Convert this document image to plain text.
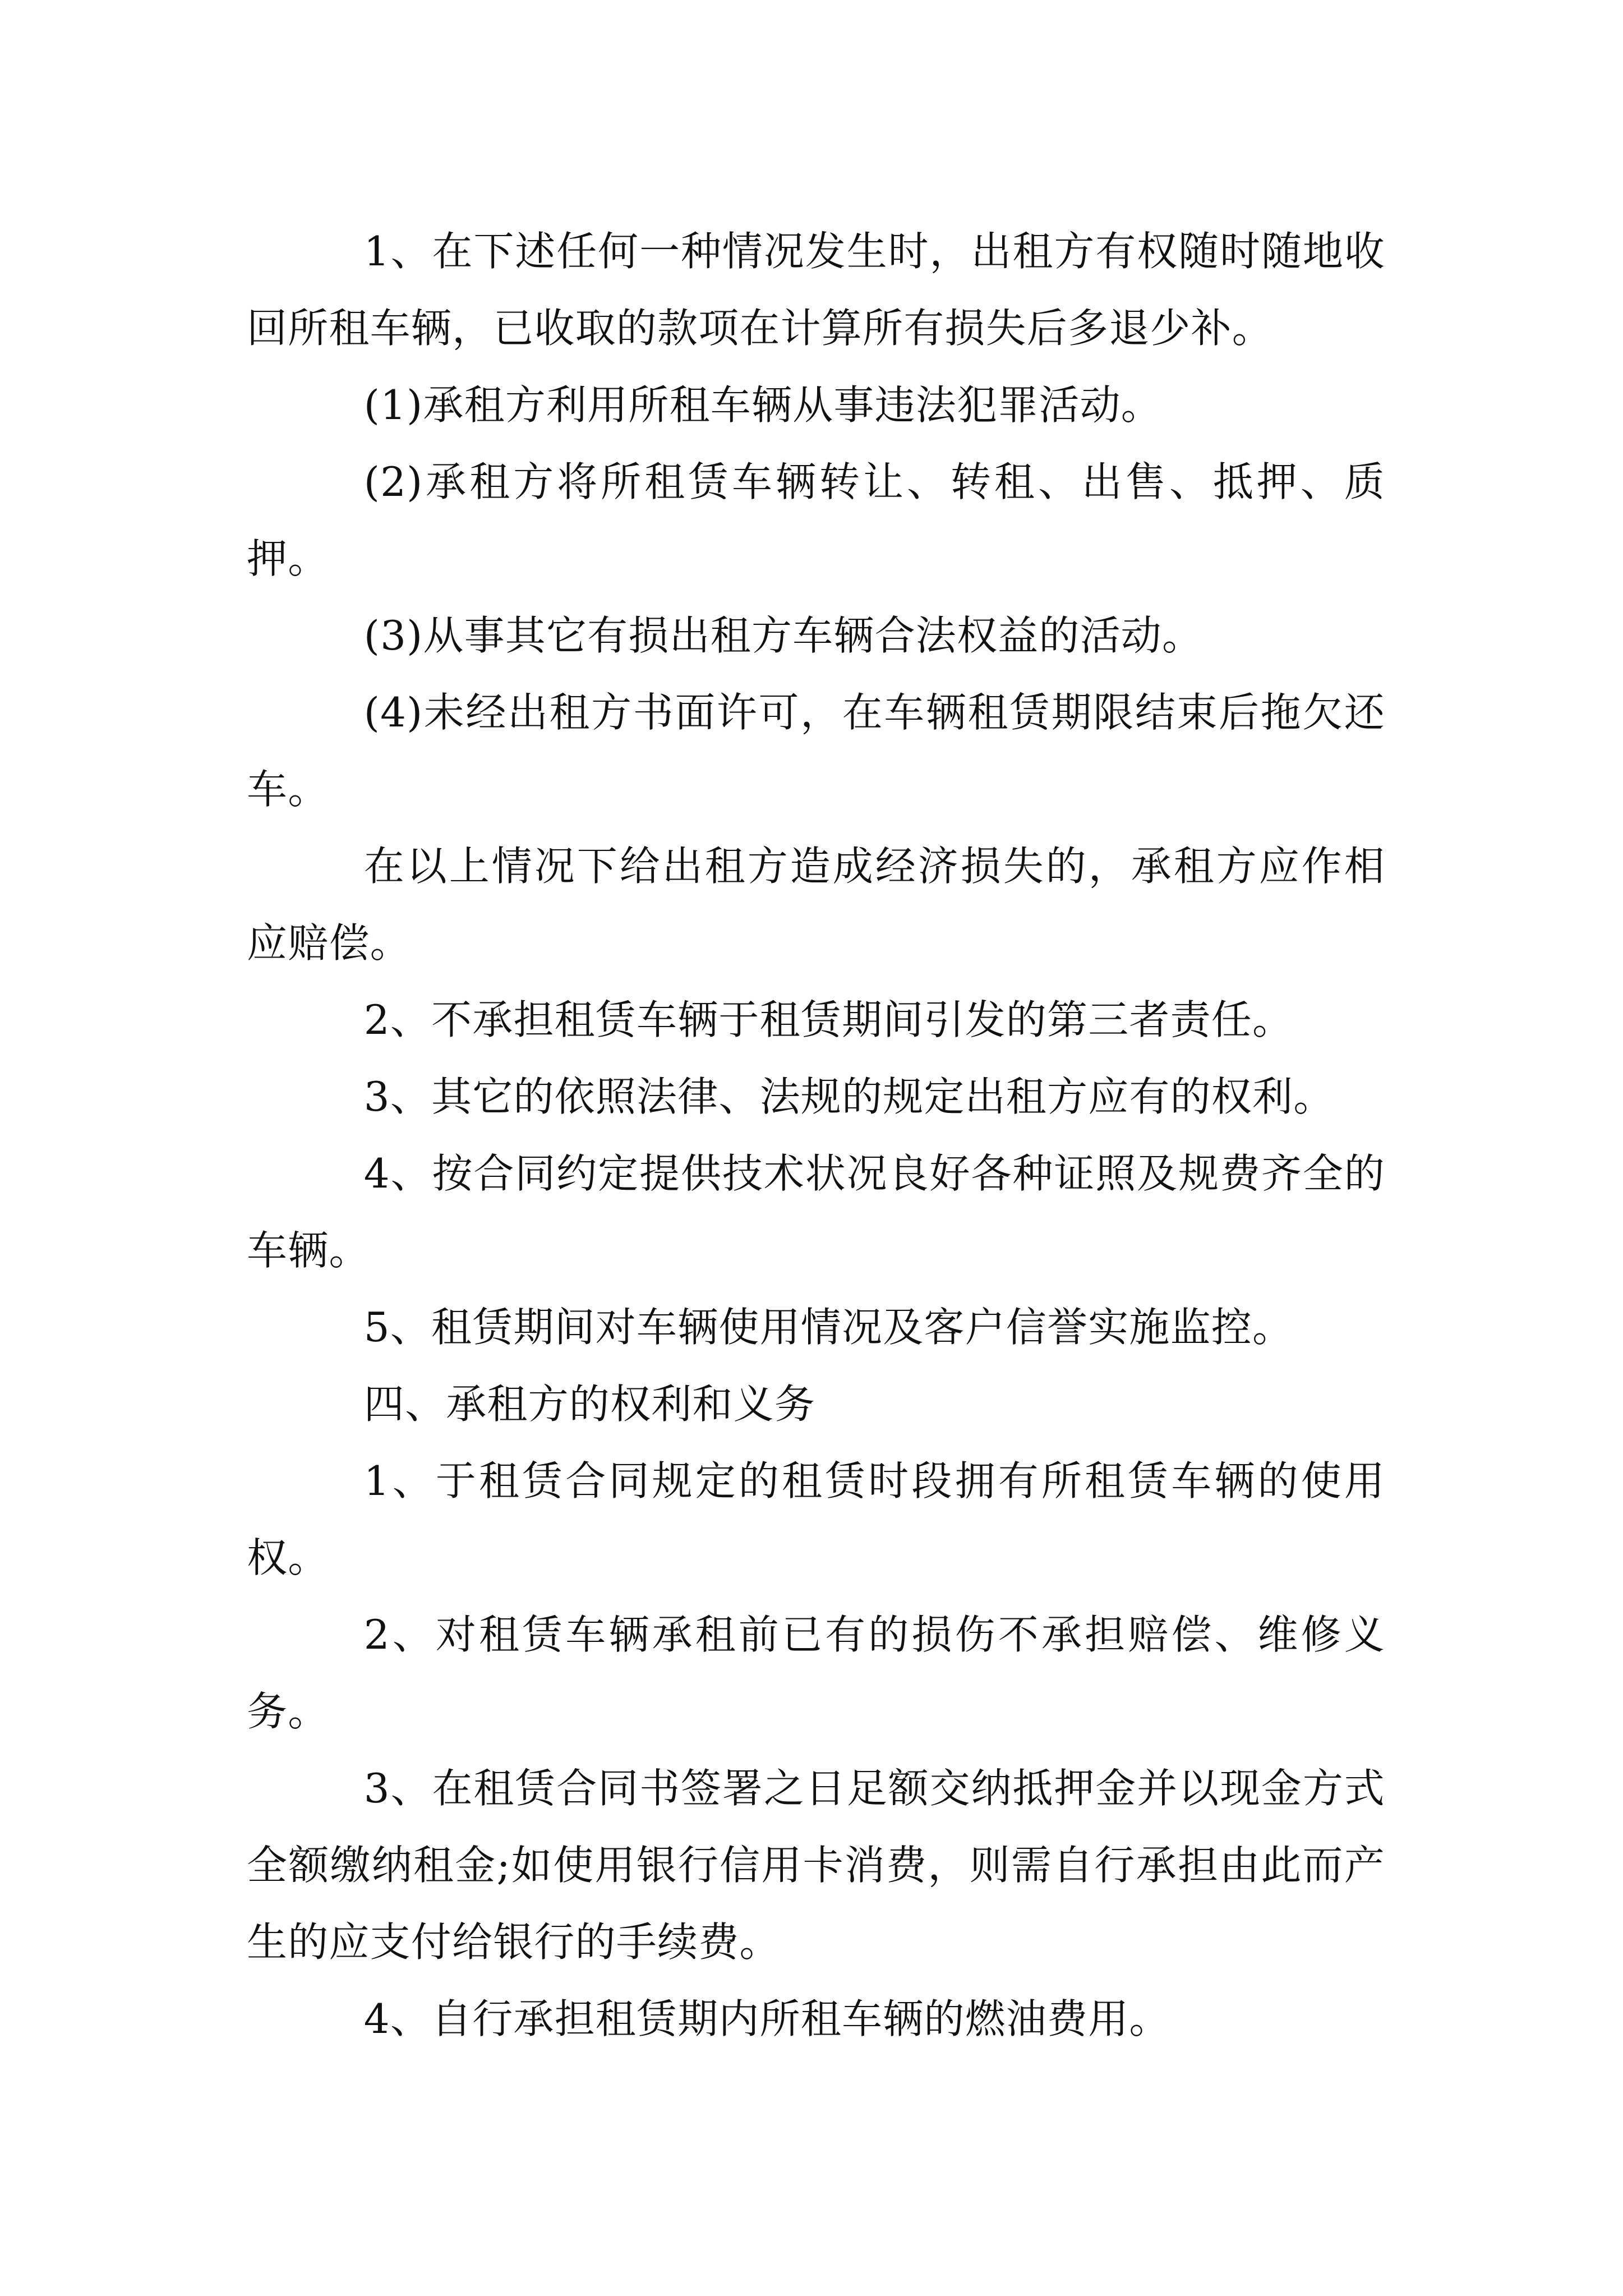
1、在下述任何一种情况发生时，出租方有权随时随地收回所租车辆，已收取的款项在计算所有损失后多退少补。

(1)承租方利用所租车辆从事违法犯罪活动。

(2)承租方将所租赁车辆转让、转租、出售、抵押、质押。

(3)从事其它有损出租方车辆合法权益的活动。

(4)未经出租方书面许可，在车辆租赁期限结束后拖欠还车。

在以上情况下给出租方造成经济损失的，承租方应作相应赔偿。

2、不承担租赁车辆于租赁期间引发的第三者责任。

3、其它的依照法律、法规的规定出租方应有的权利。

4、按合同约定提供技术状况良好各种证照及规费齐全的车辆。

5、租赁期间对车辆使用情况及客户信誉实施监控。

四、承租方的权利和义务

1、于租赁合同规定的租赁时段拥有所租赁车辆的使用权。

2、对租赁车辆承租前已有的损伤不承担赔偿、维修义务。

3、在租赁合同书签署之日足额交纳抵押金并以现金方式全额缴纳租金;如使用银行信用卡消费，则需自行承担由此而产生的应支付给银行的手续费。

4、自行承担租赁期内所租车辆的燃油费用。
